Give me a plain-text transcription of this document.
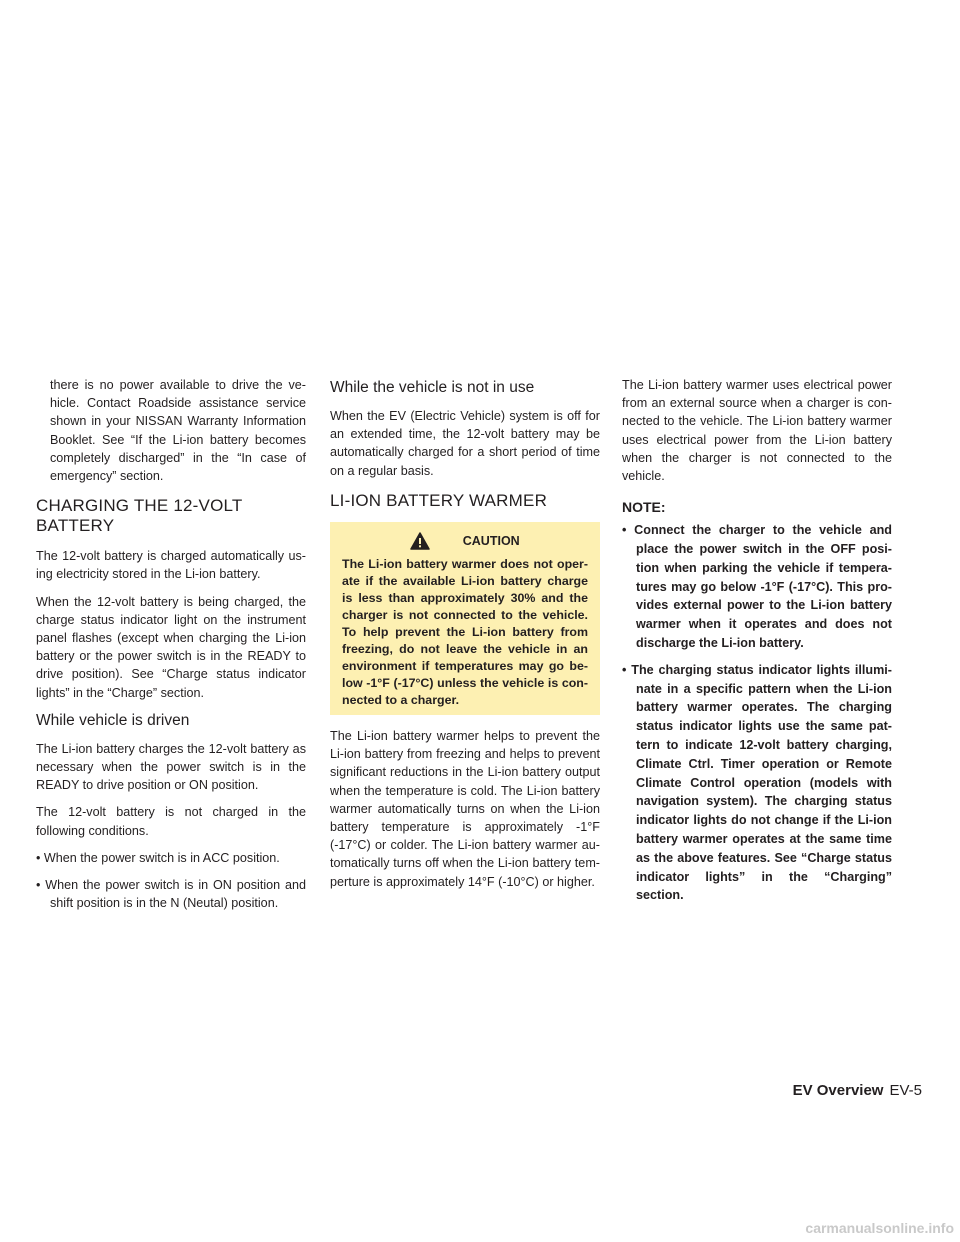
there is no power available to drive the ve-hicle. Contact Roadside assistance service shown in your NISSAN Warranty Information Booklet. See “If the Li-ion battery becomes completely discharged” in the “In case of emergency” section.

CHARGING THE 12-VOLT BATTERY

The 12-volt battery is charged automatically us-ing electricity stored in the Li-ion battery.

When the 12-volt battery is being charged, the charge status indicator light on the instrument panel flashes (except when charging the Li-ion battery or the power switch is in the READY to drive position). See “Charge status indicator lights” in the “Charge” section.

While vehicle is driven

The Li-ion battery charges the 12-volt battery as necessary when the power switch is in the READY to drive position or ON position.

The 12-volt battery is not charged in the following conditions.

• When the power switch is in ACC position.

• When the power switch is in ON position and shift position is in the N (Neutal) position.

While the vehicle is not in use

When the EV (Electric Vehicle) system is off for an extended time, the 12-volt battery may be automatically charged for a short period of time on a regular basis.

LI-ION BATTERY WARMER
CAUTION

The Li-ion battery warmer does not oper-ate if the available Li-ion battery charge is less than approximately 30% and the charger is not connected to the vehicle. To help prevent the Li-ion battery from freezing, do not leave the vehicle in an environment if temperatures may go be-low -1°F (-17°C) unless the vehicle is con-nected to a charger.

The Li-ion battery warmer helps to prevent the Li-ion battery from freezing and helps to prevent significant reductions in the Li-ion battery output when the temperature is cold. The Li-ion battery warmer automatically turns on when the Li-ion battery temperature is approximately -1°F (-17°C) or colder. The Li-ion battery warmer au-tomatically turns off when the Li-ion battery tem-perture is approximately 14°F (-10°C) or higher.

The Li-ion battery warmer uses electrical power from an external source when a charger is con-nected to the vehicle. The Li-ion battery warmer uses electrical power from the Li-ion battery when the charger is not connected to the vehicle.

NOTE:

• Connect the charger to the vehicle and place the power switch in the OFF posi-tion when parking the vehicle if tempera-tures may go below -1°F (-17°C). This pro-vides external power to the Li-ion battery warmer when it operates and does not discharge the Li-ion battery.

• The charging status indicator lights illumi-nate in a specific pattern when the Li-ion battery warmer operates. The charging status indicator lights use the same pat-tern to indicate 12-volt battery charging, Climate Ctrl. Timer operation or Remote Climate Control operation (models with navigation system). The charging status indicator lights do not change if the Li-ion battery warmer operates at the same time as the above features. See “Charge status indicator lights” in the “Charging” section.

EV Overview EV-5
carmanualsonline.info
